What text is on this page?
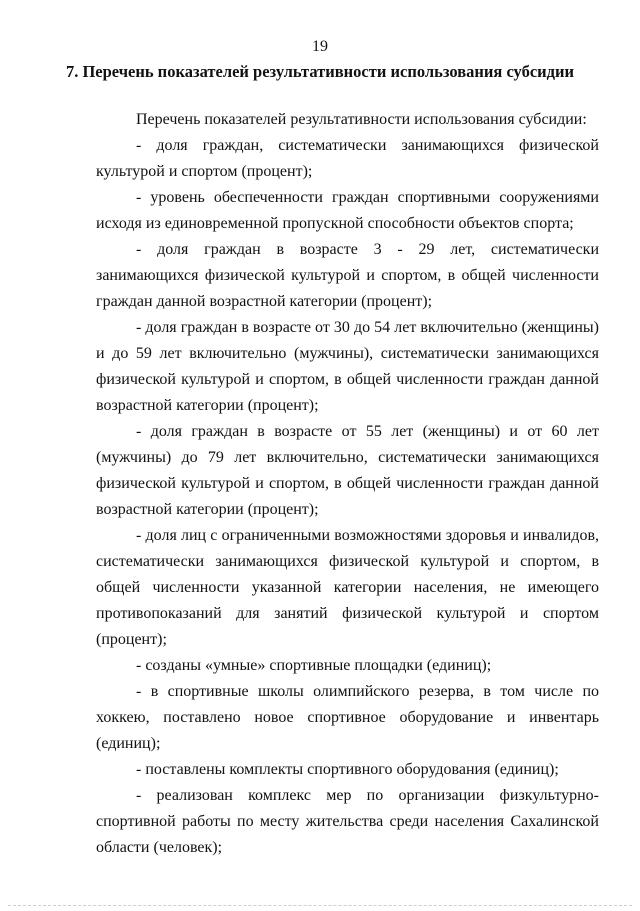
19
7. Перечень показателей результативности использования субсидии

Перечень показателей результативности использования субсидии:

- доля граждан, систематически занимающихся физической культурой и спортом (процент);

- уровень обеспеченности граждан спортивными сооружениями исходя из единовременной пропускной способности объектов спорта;

- доля граждан в возрасте 3 - 29 лет, систематически занимающихся физической культурой и спортом, в общей численности граждан данной возрастной категории (процент);

- доля граждан в возрасте от 30 до 54 лет включительно (женщины) и до 59 лет включительно (мужчины), систематически занимающихся физической культурой и спортом, в общей численности граждан данной возрастной категории (процент);

- доля граждан в возрасте от 55 лет (женщины) и от 60 лет (мужчины) до 79 лет включительно, систематически занимающихся физической культурой и спортом, в общей численности граждан данной возрастной категории (процент);

- доля лиц с ограниченными возможностями здоровья и инвалидов, систематически занимающихся физической культурой и спортом, в общей численности указанной категории населения, не имеющего противопоказаний для занятий физической культурой и спортом (процент);

- созданы «умные» спортивные площадки (единиц);

- в спортивные школы олимпийского резерва, в том числе по хоккею, поставлено новое спортивное оборудование и инвентарь (единиц);

- поставлены комплекты спортивного оборудования (единиц);

- реализован комплекс мер по организации физкультурно-спортивной работы по месту жительства среди населения Сахалинской области (человек);
